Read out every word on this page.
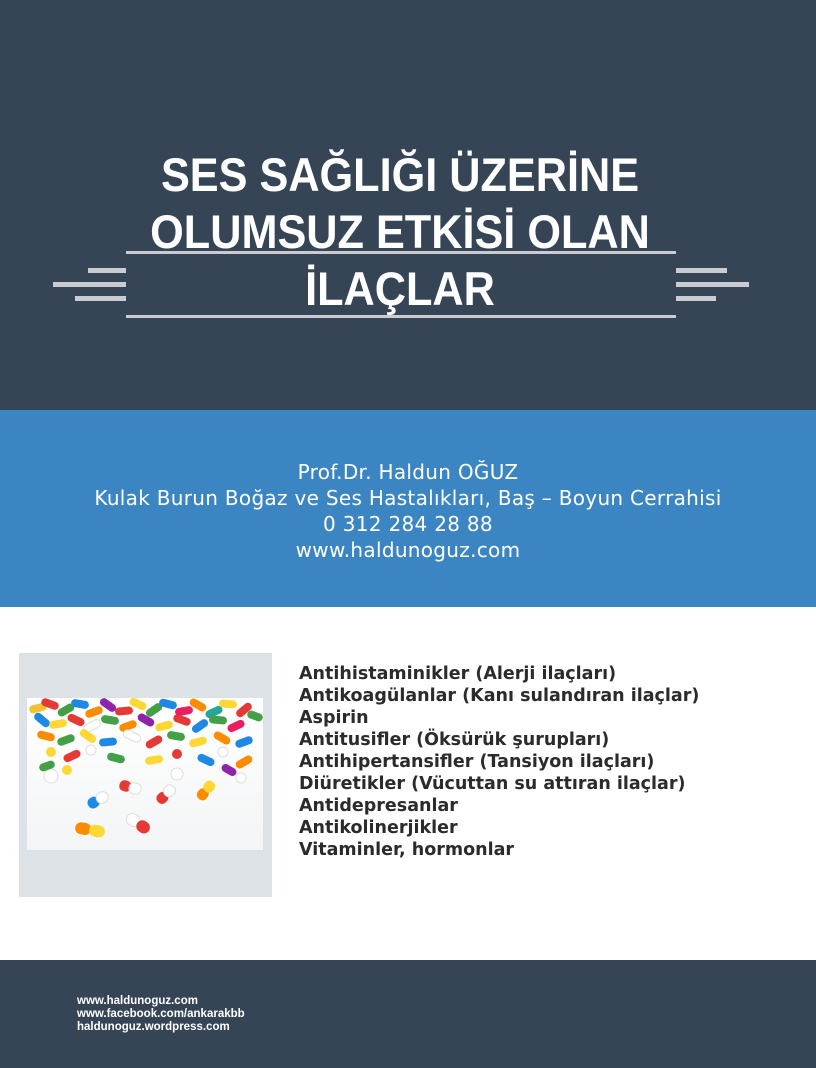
SES SAĞLIĞI ÜZERİNE
OLUMSUZ ETKİSİ OLAN
İLAÇLAR
Prof.Dr. Haldun OĞUZ
Kulak Burun Boğaz ve Ses Hastalıkları, Baş – Boyun Cerrahisi
0 312 284 28 88
www.haldunoguz.com
Antihistaminikler (Alerji ilaçları)
Antikoagülanlar (Kanı sulandıran ilaçlar)
Aspirin
Antitusifler (Öksürük şurupları)
Antihipertansifler (Tansiyon ilaçları)
Diüretikler (Vücuttan su attıran ilaçlar)
Antidepresanlar
Antikolinerjikler
Vitaminler, hormonlar
www.haldunoguz.com
www.facebook.com/ankarakbb
haldunoguz.wordpress.com
